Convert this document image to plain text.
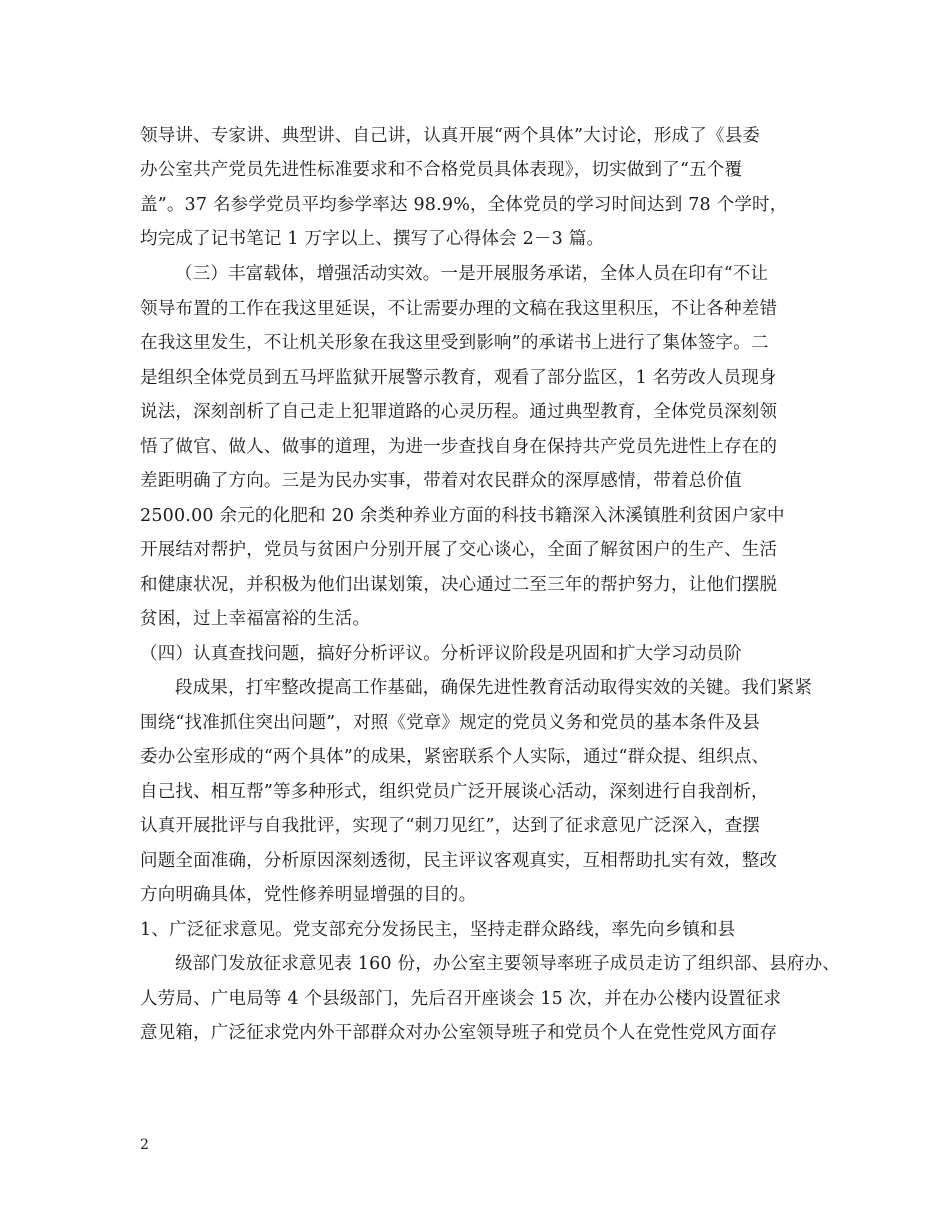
领导讲、专家讲、典型讲、自己讲，认真开展“两个具体”大讨论，形成了《县委
办公室共产党员先进性标准要求和不合格党员具体表现》，切实做到了“五个覆
盖”。37 名参学党员平均参学率达 98.9%，全体党员的学习时间达到 78 个学时，
均完成了记书笔记 1 万字以上、撰写了心得体会 2－3 篇。
（三）丰富载体，增强活动实效。一是开展服务承诺，全体人员在印有“不让
领导布置的工作在我这里延误，不让需要办理的文稿在我这里积压，不让各种差错
在我这里发生，不让机关形象在我这里受到影响”的承诺书上进行了集体签字。二
是组织全体党员到五马坪监狱开展警示教育，观看了部分监区，1 名劳改人员现身
说法，深刻剖析了自己走上犯罪道路的心灵历程。通过典型教育，全体党员深刻领
悟了做官、做人、做事的道理，为进一步查找自身在保持共产党员先进性上存在的
差距明确了方向。三是为民办实事，带着对农民群众的深厚感情，带着总价值
2500.00 余元的化肥和 20 余类种养业方面的科技书籍深入沐溪镇胜利贫困户家中
开展结对帮护，党员与贫困户分别开展了交心谈心，全面了解贫困户的生产、生活
和健康状况，并积极为他们出谋划策，决心通过二至三年的帮护努力，让他们摆脱
贫困，过上幸福富裕的生活。
（四）认真查找问题，搞好分析评议。分析评议阶段是巩固和扩大学习动员阶
段成果，打牢整改提高工作基础，确保先进性教育活动取得实效的关键。我们紧紧
围绕“找准抓住突出问题”，对照《党章》规定的党员义务和党员的基本条件及县
委办公室形成的“两个具体”的成果，紧密联系个人实际，通过“群众提、组织点、
自己找、相互帮”等多种形式，组织党员广泛开展谈心活动，深刻进行自我剖析，
认真开展批评与自我批评，实现了“刺刀见红”，达到了征求意见广泛深入，查摆
问题全面准确，分析原因深刻透彻，民主评议客观真实，互相帮助扎实有效，整改
方向明确具体，党性修养明显增强的目的。
1、广泛征求意见。党支部充分发扬民主，坚持走群众路线，率先向乡镇和县
级部门发放征求意见表 160 份，办公室主要领导率班子成员走访了组织部、县府办、
人劳局、广电局等 4 个县级部门，先后召开座谈会 15 次，并在办公楼内设置征求
意见箱，广泛征求党内外干部群众对办公室领导班子和党员个人在党性党风方面存
2
